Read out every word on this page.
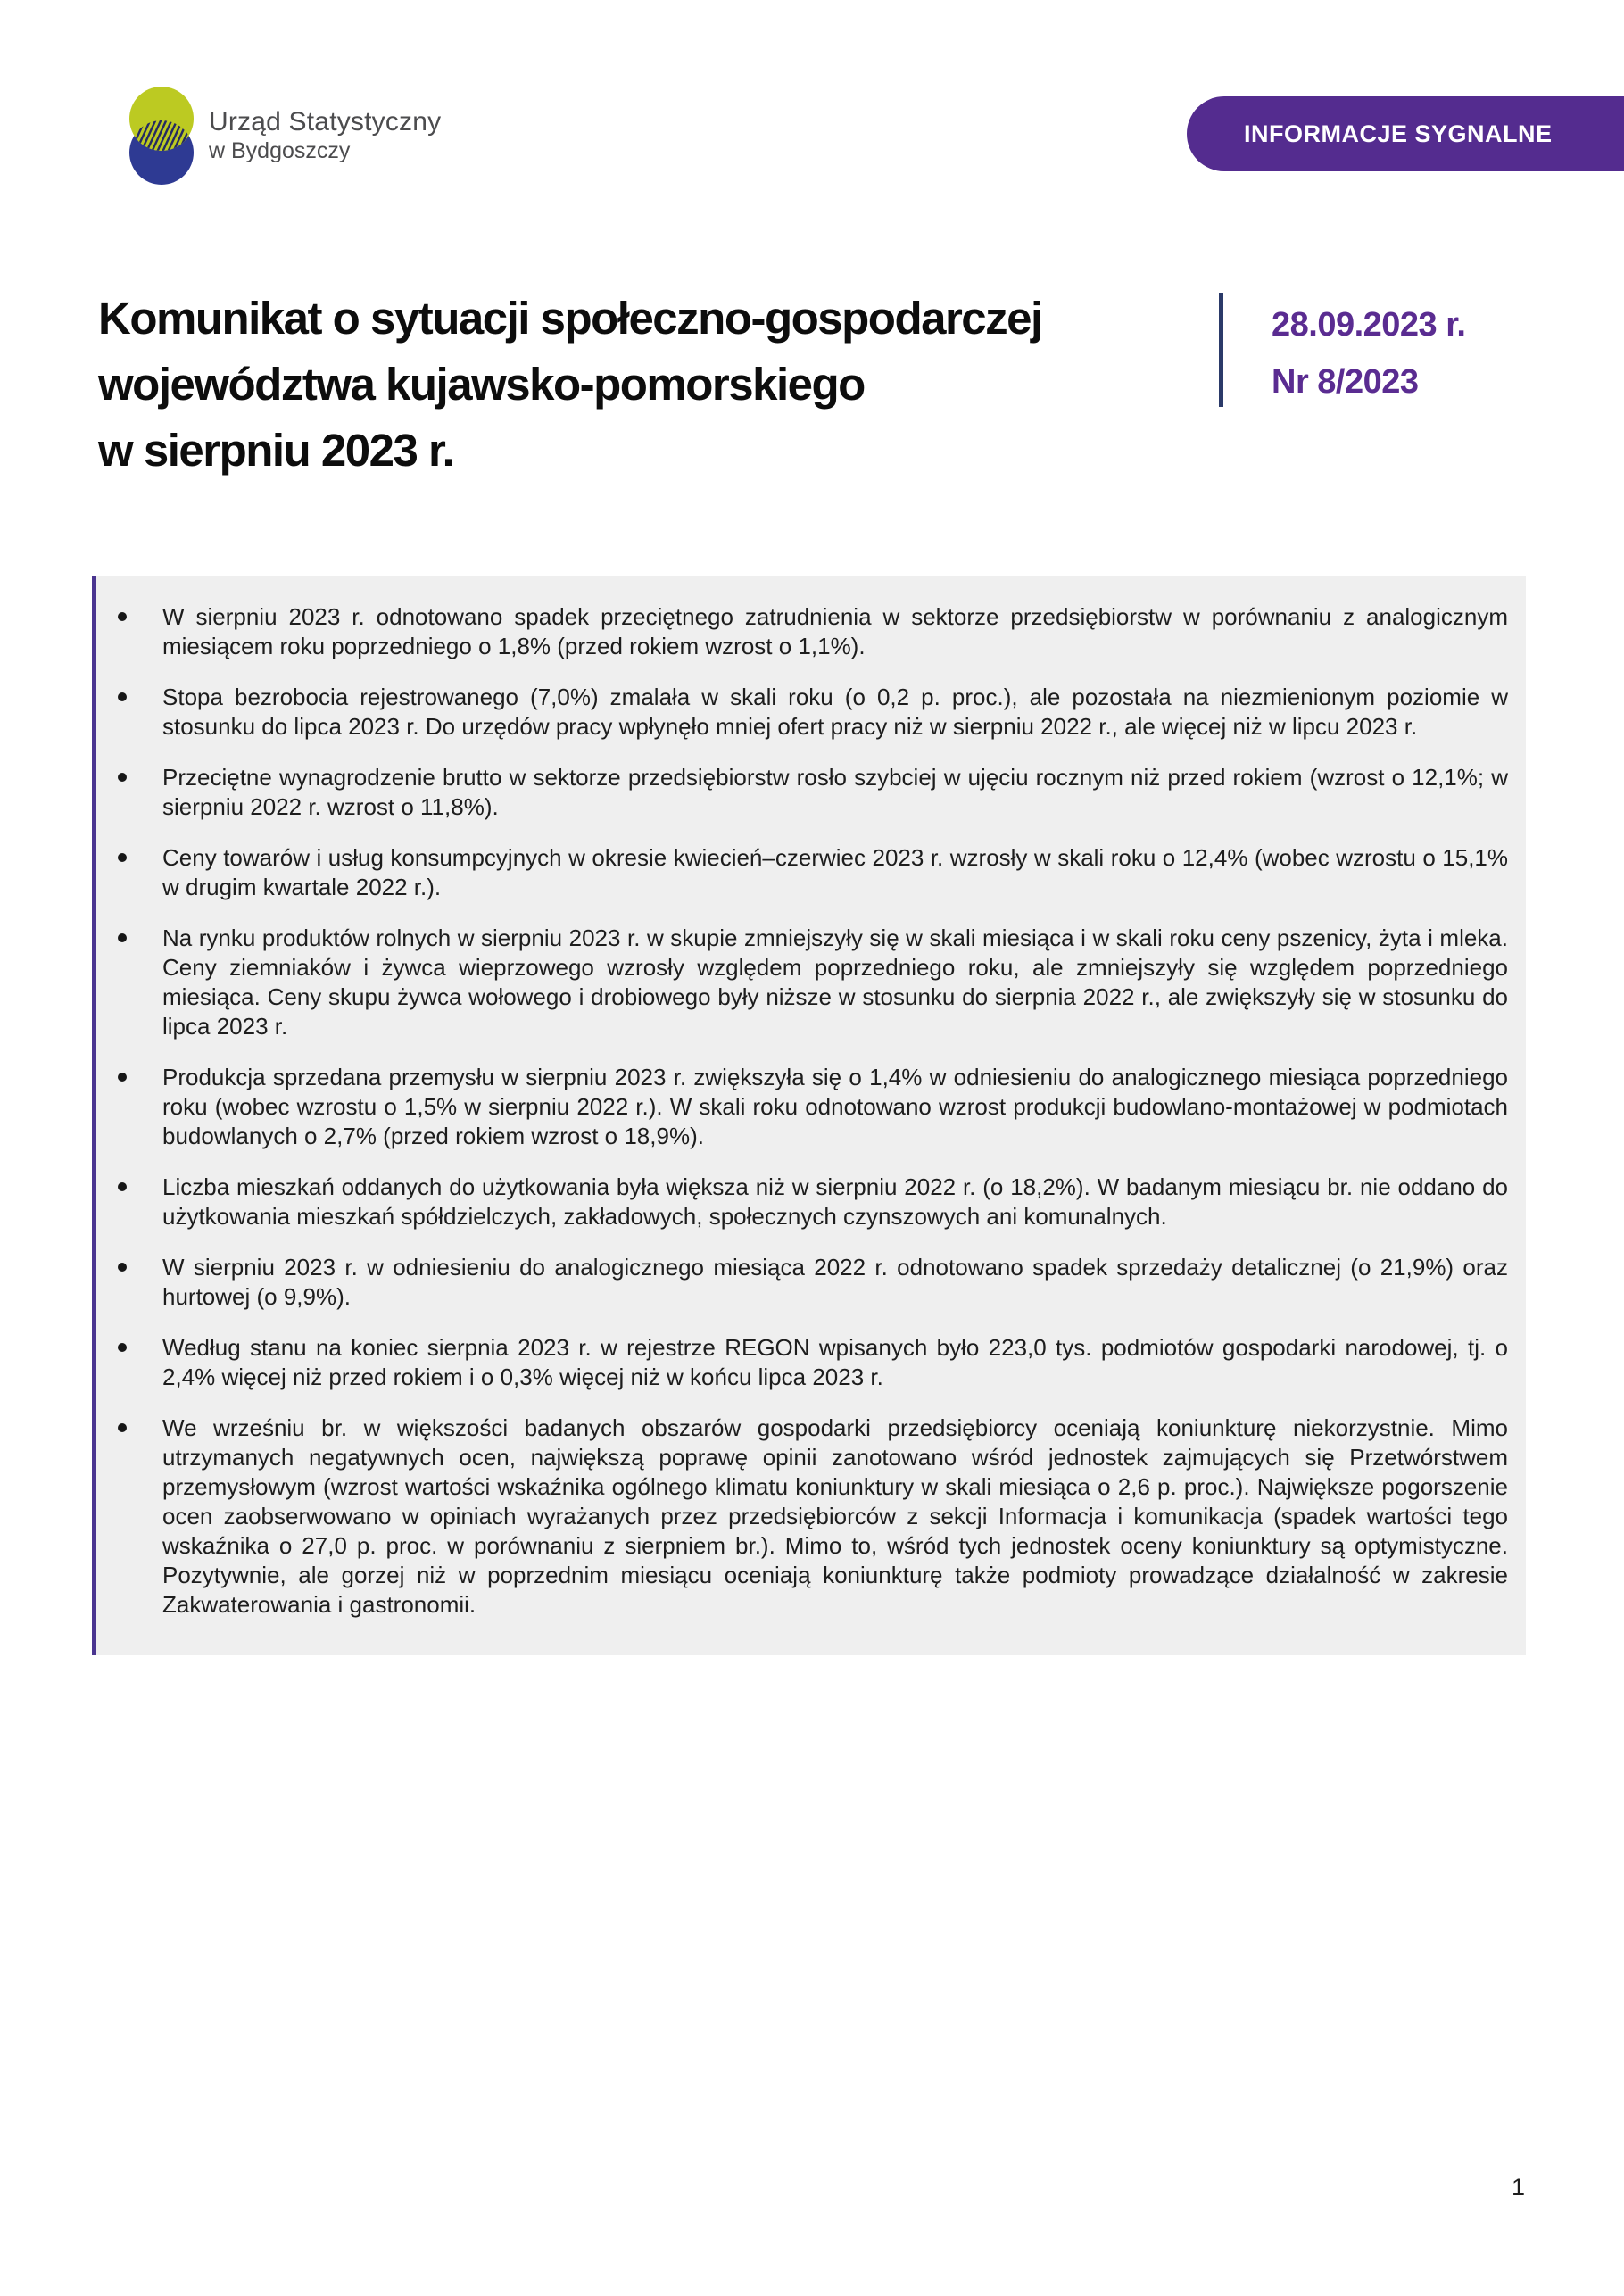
Urząd Statystyczny
w Bydgoszczy
INFORMACJE SYGNALNE
Komunikat o sytuacji społeczno-gospodarczej
województwa kujawsko-pomorskiego
w sierpniu 2023 r.
28.09.2023 r.
Nr 8/2023
W sierpniu 2023 r. odnotowano spadek przeciętnego zatrudnienia w sektorze przedsiębiorstw w porównaniu z analogicznym miesiącem roku poprzedniego o 1,8% (przed rokiem wzrost o 1,1%).
Stopa bezrobocia rejestrowanego (7,0%) zmalała w skali roku (o 0,2 p. proc.), ale pozostała na niezmienionym poziomie w stosunku do lipca 2023 r. Do urzędów pracy wpłynęło mniej ofert pracy niż w sierpniu 2022 r., ale więcej niż w lipcu 2023 r.
Przeciętne wynagrodzenie brutto w sektorze przedsiębiorstw rosło szybciej w ujęciu rocznym niż przed rokiem (wzrost o 12,1%; w sierpniu 2022 r. wzrost o 11,8%).
Ceny towarów i usług konsumpcyjnych w okresie kwiecień–czerwiec 2023 r. wzrosły w skali roku o 12,4% (wobec wzrostu o 15,1% w drugim kwartale 2022 r.).
Na rynku produktów rolnych w sierpniu 2023 r. w skupie zmniejszyły się w skali miesiąca i w skali roku ceny pszenicy, żyta i mleka. Ceny ziemniaków i żywca wieprzowego wzrosły względem poprzedniego roku, ale zmniejszyły się względem poprzedniego miesiąca. Ceny skupu żywca wołowego i drobiowego były niższe w stosunku do sierpnia 2022 r., ale zwiększyły się w stosunku do lipca 2023 r.
Produkcja sprzedana przemysłu w sierpniu 2023 r. zwiększyła się o 1,4% w odniesieniu do analogicznego miesiąca poprzedniego roku (wobec wzrostu o 1,5% w sierpniu 2022 r.). W skali roku odnotowano wzrost produkcji budowlano-montażowej w podmiotach budowlanych o 2,7% (przed rokiem wzrost o 18,9%).
Liczba mieszkań oddanych do użytkowania była większa niż w sierpniu 2022 r. (o 18,2%). W badanym miesiącu br. nie oddano do użytkowania mieszkań spółdzielczych, zakładowych, społecznych czynszowych ani komunalnych.
W sierpniu 2023 r. w odniesieniu do analogicznego miesiąca 2022 r. odnotowano spadek sprzedaży detalicznej (o 21,9%) oraz hurtowej (o 9,9%).
Według stanu na koniec sierpnia 2023 r. w rejestrze REGON wpisanych było 223,0 tys. podmiotów gospodarki narodowej, tj. o 2,4% więcej niż przed rokiem i o 0,3% więcej niż w końcu lipca 2023 r.
We wrześniu br. w większości badanych obszarów gospodarki przedsiębiorcy oceniają koniunkturę niekorzystnie. Mimo utrzymanych negatywnych ocen, największą poprawę opinii zanotowano wśród jednostek zajmujących się Przetwórstwem przemysłowym (wzrost wartości wskaźnika ogólnego klimatu koniunktury w skali miesiąca o 2,6 p. proc.). Największe pogorszenie ocen zaobserwowano w opiniach wyrażanych przez przedsiębiorców z sekcji Informacja i komunikacja (spadek wartości tego wskaźnika o 27,0 p. proc. w porównaniu z sierpniem br.). Mimo to, wśród tych jednostek oceny koniunktury są optymistyczne. Pozytywnie, ale gorzej niż w poprzednim miesiącu oceniają koniunkturę także podmioty prowadzące działalność w zakresie Zakwaterowania i gastronomii.
1
